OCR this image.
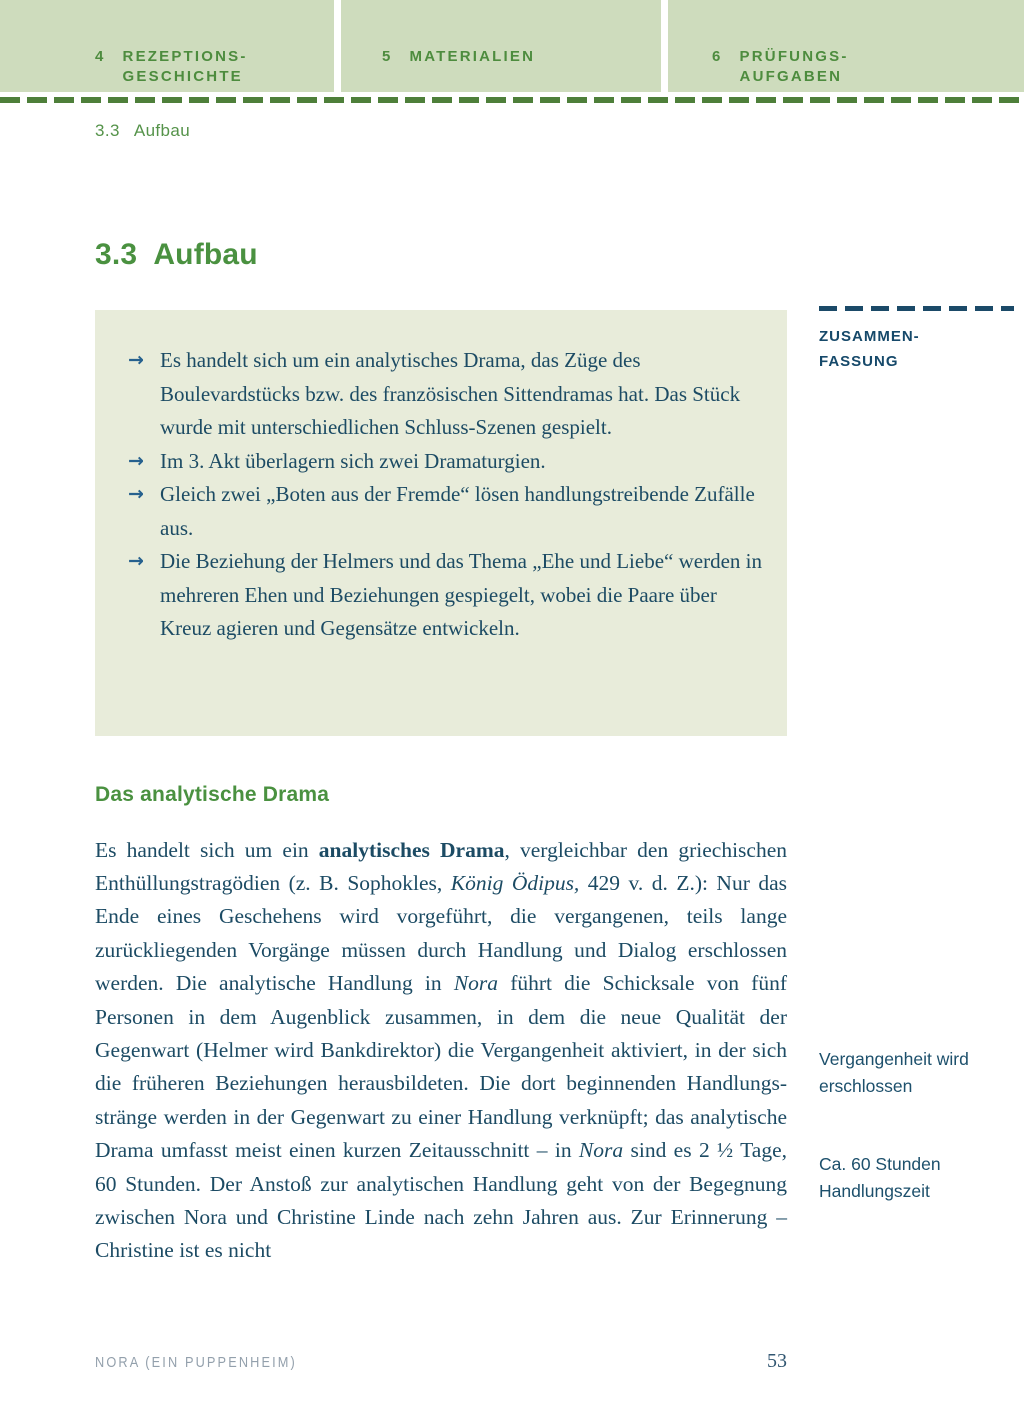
4 REZEPTIONS-
GESCHICHTE
5 MATERIALIEN	6 PRÜFUNGS-
AUFGABEN
3.3 Aufbau
3.3 Aufbau
→ Es handelt sich um ein analytisches Drama, das Züge des Boulevardstücks bzw. des französischen Sittendramas hat. Das Stück wurde mit unterschiedlichen Schluss-Szenen gespielt.
→ Im 3. Akt überlagern sich zwei Dramaturgien.
→ Gleich zwei „Boten aus der Fremde“ lösen handlungstreibende Zufälle aus.
→ Die Beziehung der Helmers und das Thema „Ehe und Liebe“ werden in mehreren Ehen und Beziehungen gespiegelt, wobei die Paare über Kreuz agieren und Gegensätze entwickeln.
ZUSAMMEN-
FASSUNG
Das analytische Drama

Es handelt sich um ein analytisches Drama, vergleichbar den griechischen Enthüllungstragödien (z. B. Sophokles, König Ödipus, 429 v. d. Z.): Nur das Ende eines Geschehens wird vorgeführt, die vergangenen, teils lange zurückliegenden Vorgänge müssen durch Handlung und Dialog erschlossen werden. Die analytische Handlung in Nora führt die Schicksale von fünf Personen in dem Augenblick zusammen, in dem die neue Qualität der Gegenwart (Helmer wird Bankdirektor) die Vergangenheit aktiviert, in der sich die früheren Beziehungen herausbildeten. Die dort beginnenden Handlungsstränge werden in der Gegenwart zu einer Handlung verknüpft; das analytische Drama umfasst meist einen kurzen Zeitausschnitt – in Nora sind es 2 ½ Tage, 60 Stunden. Der Anstoß zur analytischen Handlung geht von der Begegnung zwischen Nora und Christine Linde nach zehn Jahren aus. Zur Erinnerung – Christine ist es nicht

Vergangenheit wird erschlossen
Ca. 60 Stunden Handlungszeit
NORA (EIN PUPPENHEIM)	53
